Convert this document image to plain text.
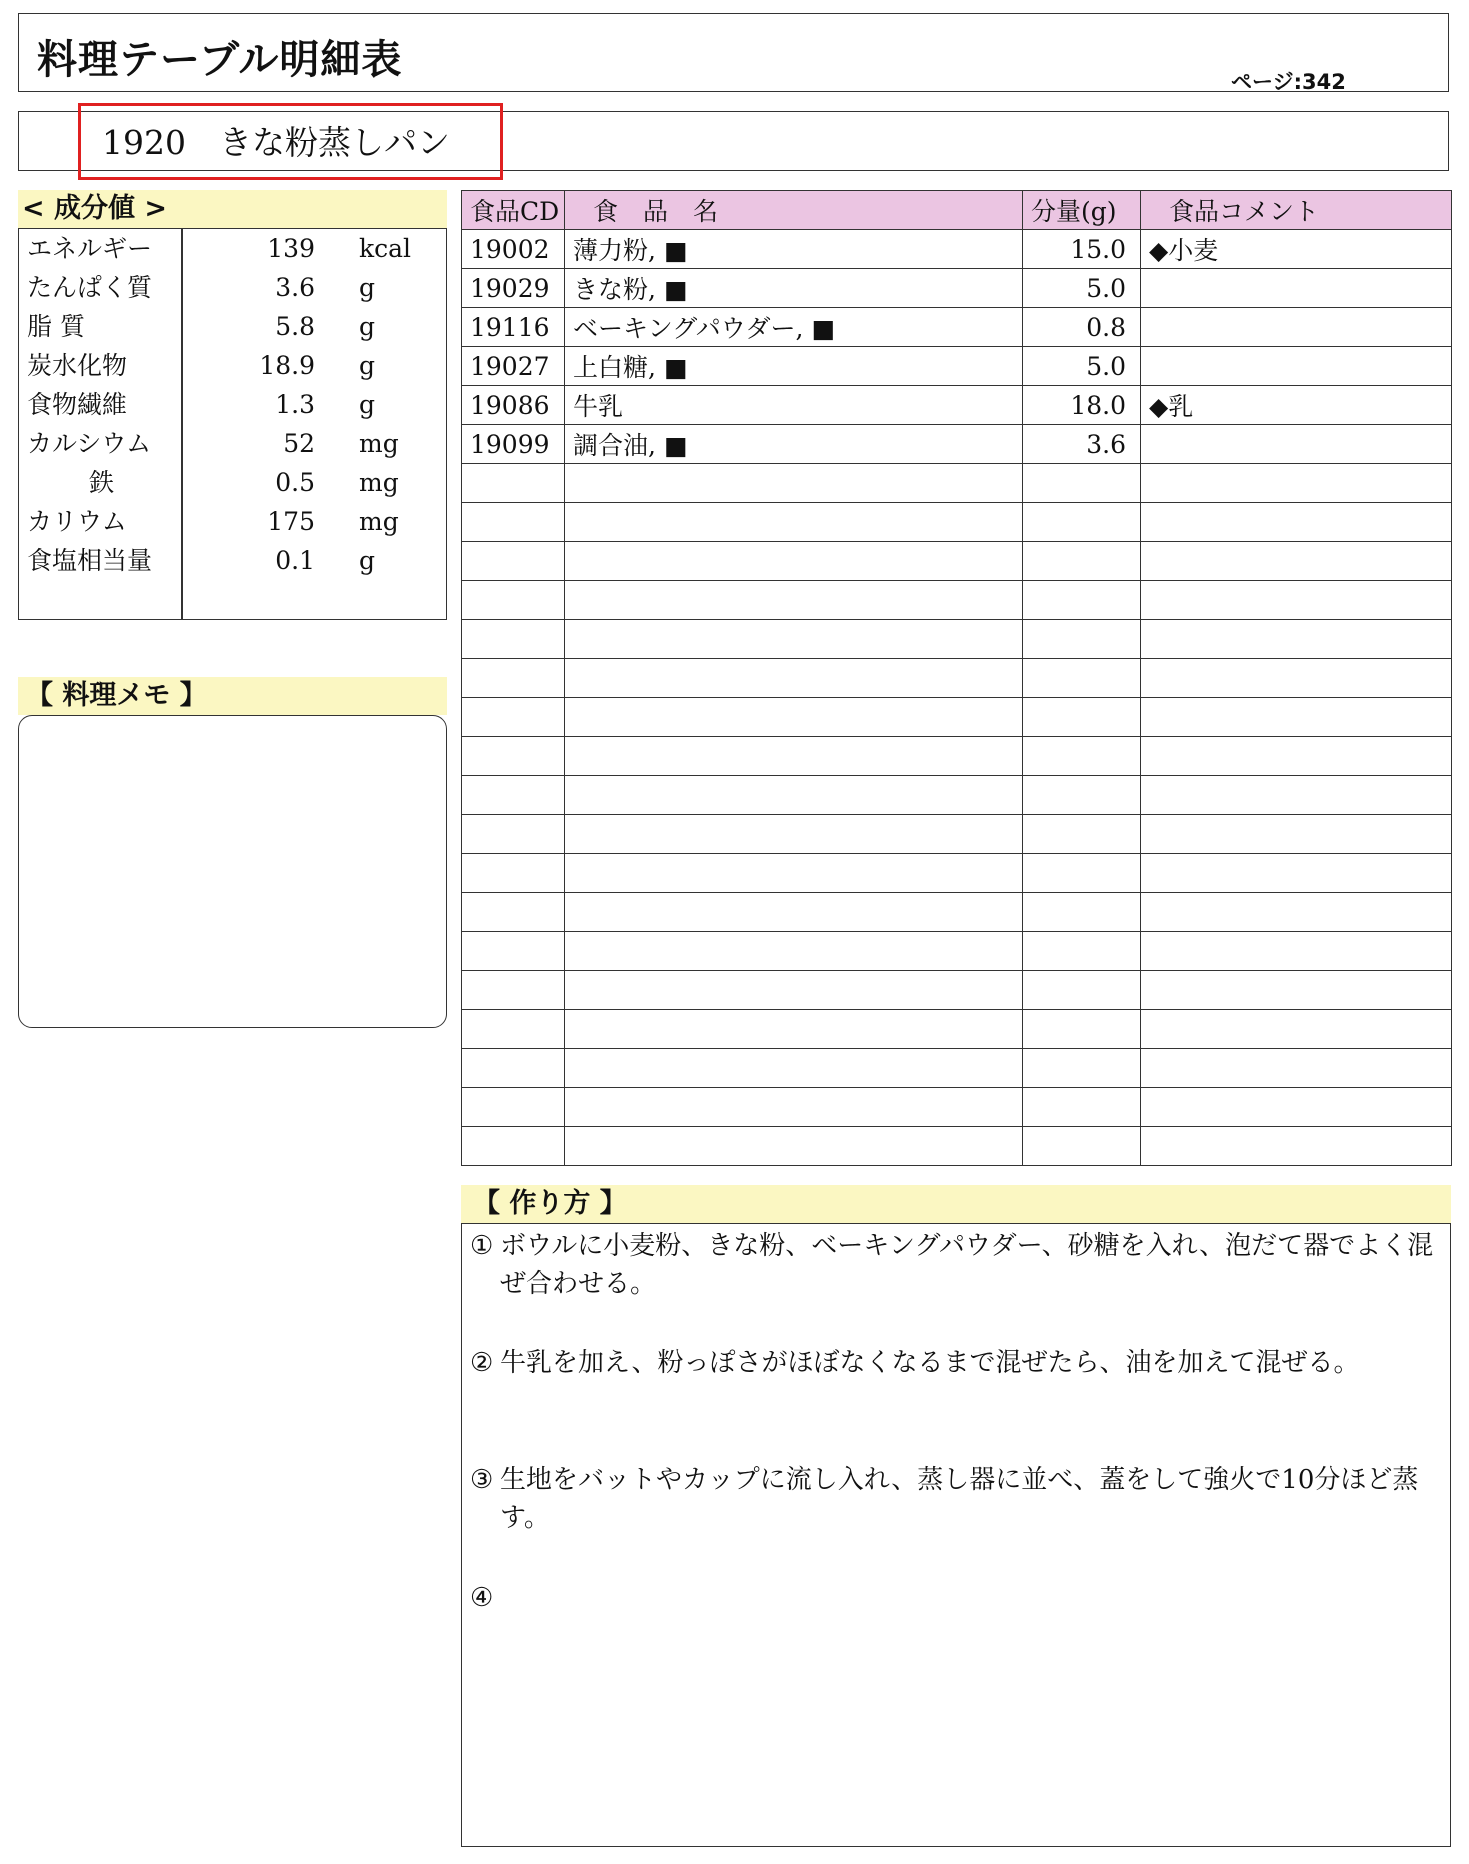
料理テーブル明細表	ページ:342
1920　 きな粉蒸しパン
< 成分値 >
エネルギー	139 kcal
たんぱく質	3.6 g
脂 質	5.8 g
炭水化物	18.9 g
食物繊維	1.3 g
カルシウム	52 mg
鉄	0.5 mg
カリウム	175 mg
食塩相当量	0.1 g
【 料理メモ 】
食品CD	食　品　名	分量(g)	食品コメント
19002	薄力粉, ■	15.0	◆小麦
19029	きな粉, ■	5.0	
19116	ベーキングパウダー, ■	0.8	
19027	上白糖, ■	5.0	
19086	牛乳	18.0	◆乳
19099	調合油, ■	3.6	

【 作り方 】
① ボウルに小麦粉、きな粉、ベーキングパウダー、砂糖を入れ、泡だて器でよく混ぜ合わせる。
② 牛乳を加え、粉っぽさがほぼなくなるまで混ぜたら、油を加えて混ぜる。
③ 生地をバットやカップに流し入れ、蒸し器に並べ、蓋をして強火で10分ほど蒸す。
④
